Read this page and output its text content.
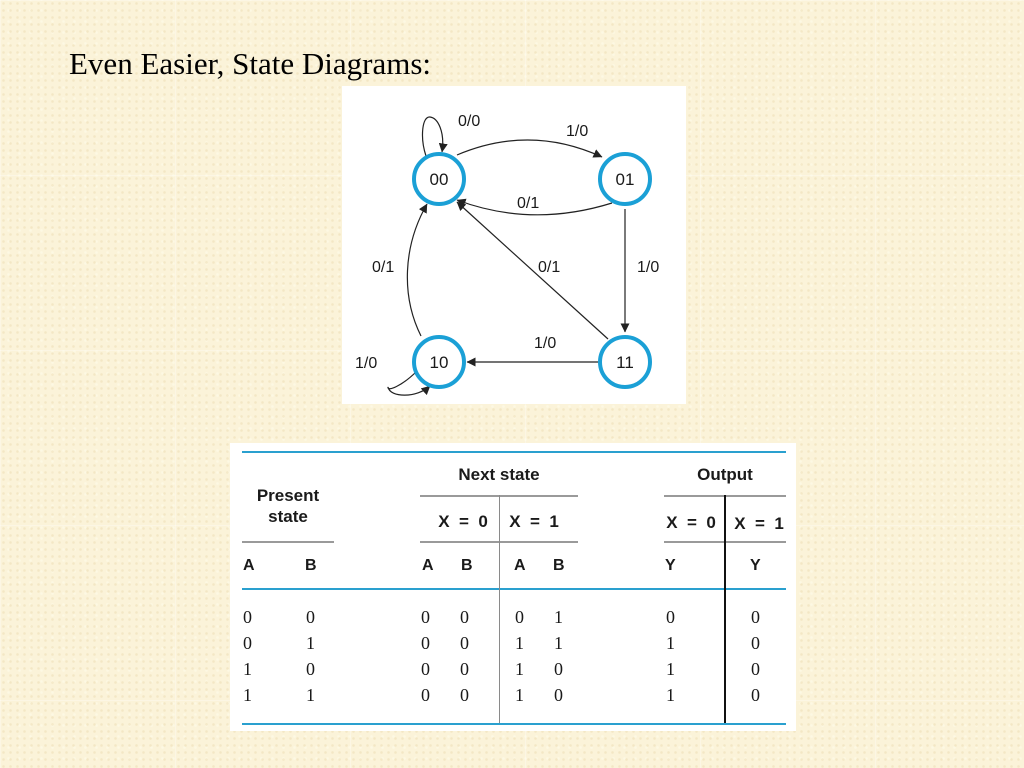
Even Easier, State Diagrams:
0/0
1/0
0/1
1/0
0/1
1/0
0/1
1/0
00	01
10	11
Present
state
Next state	Output
X  =  0	X  =  1	X  =  0	X  =  1
A	B	A B	A B	Y	Y
0	0	0 0	0 1	0	0
0	1	0 0	1 1	1	0
1	0	0 0	1 0	1	0
1	1	0 0	1 0	1	0
